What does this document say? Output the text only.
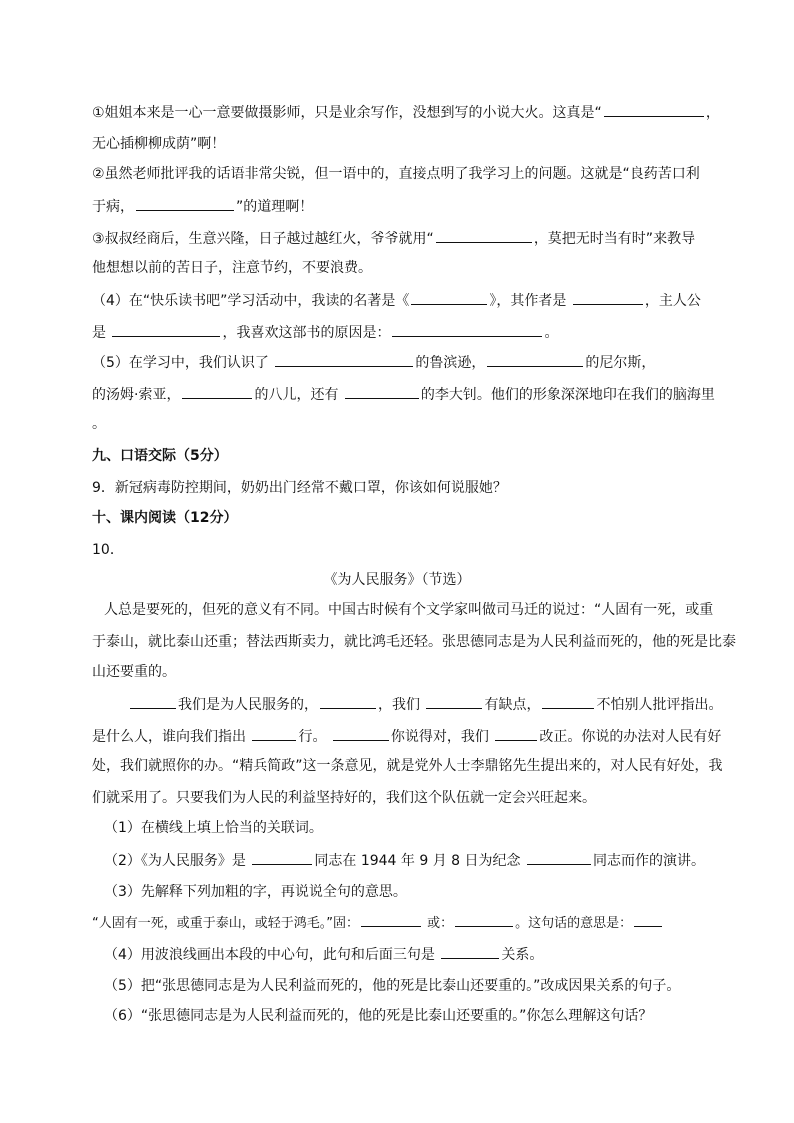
①姐姐本来是一心一意要做摄影师，只是业余写作，没想到写的小说大火。这真是“	，
无心插柳柳成荫”啊！
②虽然老师批评我的话语非常尖锐，但一语中的，直接点明了我学习上的问题。这就是“良药苦口利
于病，	”的道理啊！
③叔叔经商后，生意兴隆，日子越过越红火，爷爷就用“	，莫把无时当有时”来教导
他想想以前的苦日子，注意节约，不要浪费。
（4）在“快乐读书吧”学习活动中，我读的名著是《	》，其作者是	，主人公
是	，我喜欢这部书的原因是：	。
（5）在学习中，我们认识了	的鲁滨逊，	的尼尔斯，
的汤姆·索亚，	的八儿，还有	的李大钊。他们的形象深深地印在我们的脑海里
。
九、口语交际（5分）
9．新冠病毒防控期间，奶奶出门经常不戴口罩，你该如何说服她？
十、课内阅读（12分）
10．
《为人民服务》（节选）
人总是要死的，但死的意义有不同。中国古时候有个文学家叫做司马迁的说过：“人固有一死，或重
于泰山，就比泰山还重；替法西斯卖力，就比鸿毛还轻。张思德同志是为人民利益而死的，他的死是比泰
山还要重的。
我们是为人民服务的，	，我们	有缺点，	不怕别人批评指出。
是什么人，谁向我们指出	行。	你说得对，我们	改正。你说的办法对人民有好
处，我们就照你的办。“精兵简政”这一条意见，就是党外人士李鼎铭先生提出来的，对人民有好处，我
们就采用了。只要我们为人民的利益坚持好的，我们这个队伍就一定会兴旺起来。
（1）在横线上填上恰当的关联词。
（2）《为人民服务》是	同志在 1944 年 9 月 8 日为纪念	同志而作的演讲。
（3）先解释下列加粗的字，再说说全句的意思。
“人固有一死，或重于泰山，或轻于鸿毛。”固：	或：	。这句话的意思是：
（4）用波浪线画出本段的中心句，此句和后面三句是	关系。
（5）把“张思德同志是为人民利益而死的，他的死是比泰山还要重的。”改成因果关系的句子。
（6）“张思德同志是为人民利益而死的，他的死是比泰山还要重的。”你怎么理解这句话？
